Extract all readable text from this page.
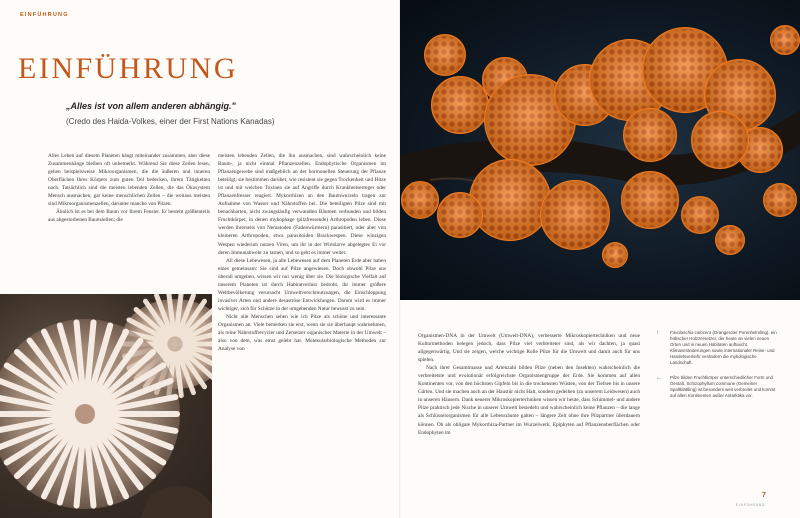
EINFÜHRUNG
EINFÜHRUNG
„Alles ist von allem anderen abhängig."
(Credo des Haida-Volkes, einer der First Nations Kanadas)

Alles Leben auf diesem Planeten hängt miteinander zusammen, aber diese Zusammenhänge bleiben oft unbemerkt. Während Sie diese Zeilen lesen, gehen beispielsweise Mikroorganismen, die die äußeren und inneren Oberflächen Ihres Körpers zum guten Teil bedecken, ihrem Tätigkeiten nach. Tatsächlich sind die meisten lebenden Zellen, die das Ökosystem Mensch ausmachen, gar keine menschlichen Zellen – die weitaus meisten sind Mikroorganismenzellen, darunter manche von Pilzen.

Ähnlich ist es bei dem Baum vor Ihrem Fenster. Er besteht größtenteils aus abgestorbenen Baumzellen; die

meisten lebenden Zellen, die ihn ausmachen, sind wahrscheinlich keine Baum-, ja nicht einmal Pflanzenzellen. Endophytische Organismen im Pflanzengewebe sind maßgeblich an der hormonellen Steuerung der Pflanze beteiligt; sie bestimmen darüber, wie resistent sie gegen Trockenheit und Hitze ist und mit welchen Toxinen sie auf Angriffe durch Krankheitserreger oder Pflanzenfresser reagiert. Mykorrhizen an den Baumwurzeln tragen zur Aufnahme von Wasser und Nährstoffen bei. Die beteiligten Pilze sind mit benachbarten, nicht zwangsläufig verwandten Bäumen verbunden und bilden Fruchtkörper, in denen mykophage (pilzfressende) Arthropoden leben. Diese werden ihrerseits von Nematoden (Fadenwürmern) parasitiert, oder aber von kleineren Arthropoden, etwa parasitoiden Brackwespen. Diese winzigen Wespen wiederum nutzen Viren, um ihr in der Wirtslarve abgelegtes Ei vor deren Immunabwehr zu tarnen, und so geht es immer weiter.

All diese Lebewesen, ja alle Lebewesen auf dem Planeten Erde aber haben eines gemeinsam: Sie sind auf Pilze angewiesen. Doch obwohl Pilze uns überall umgeben, wissen wir nur wenig über sie. Die biologische Vielfalt auf unserem Planeten ist durch Habitatverlust bedroht, ihr immer größere Weltbevölkerung verursacht Umweltverschmutzungen, die Einschleppung invasiver Arten und andere desaströse Entwicklungen. Darum wird es immer wichtiger, sich für Schütze in der umgebenden Natur bewusst zu sein.

Nicht alle Menschen sehen wie ich Pilze als schöne und interessante Organismen an. Viele bemerken sie erst, wenn sie sie überhaupt wahrnehmen, als reine Nährstoffrecycler und Zersetzer organischer Materie in der Umwelt – also von dem, was einst gelebt hat. Molekularbiologische Methoden zur Analyse von

Organismen-DNA in der Umwelt (Umwelt-DNA), verbesserte Mikroskopiertechniken und neue Kulturmethoden belegen jedoch, dass Pilze viel verbreiteter sind, als wir dachten, ja quasi allgegenwärtig. Und sie zeigen, welche wichtige Rolle Pilze für die Umwelt und damit auch für uns spielen.

Nach ihrer Gesamtmasse und Artenzahl bilden Pilze (neben den Insekten) wahrscheinlich die verbreitetste und evolutionär erfolgreichste Organismengruppe der Erde. Sie kommen auf allen Kontinenten vor, von den höchsten Gipfeln bis in die trockensten Wüsten, von der Tiefsee bis in unsere Gärten. Und sie machen auch an der Haustür nicht Halt, sondern gedeihen (zu unserem Leidwesen) auch in unseren Häusern. Dank neuerer Mikroskopiertechniken wissen wir heute, dass Schimmel- und andere Pilze praktisch jede Nische in unserer Umwelt besiedeln und wahrscheinlich keine Pflanzen – die lange als Schlüsselorganismen für alle Lebensräume galten – längere Zeit ohne ihre Pilzpartner überdauern können. Ob als obligate Mykorrhiza-Partner im Wurzelwerk, Epiphyten auf Pflanzenoberflächen oder Endophyten im

↑	Favolaschia calocera (Orangeroter Porenhelmling), ein hübscher Holzzersetzer, der heute an vielen neuen Orten und in neuen Habitaten auftaucht. Klimaveränderungen sowie internationaler Reise- und Handelsverkehr verändern die mykologische Landschaft.
← Pilze bilden Fruchtkörper unterschiedlicher Form und Gestalt. Schizophyllum commune (Gemeiner Spaltblättling) ist besonders weit verbreitet und kommt auf allen Kontinenten außer Antarktika vor.
7
EINFÜHRUNG
